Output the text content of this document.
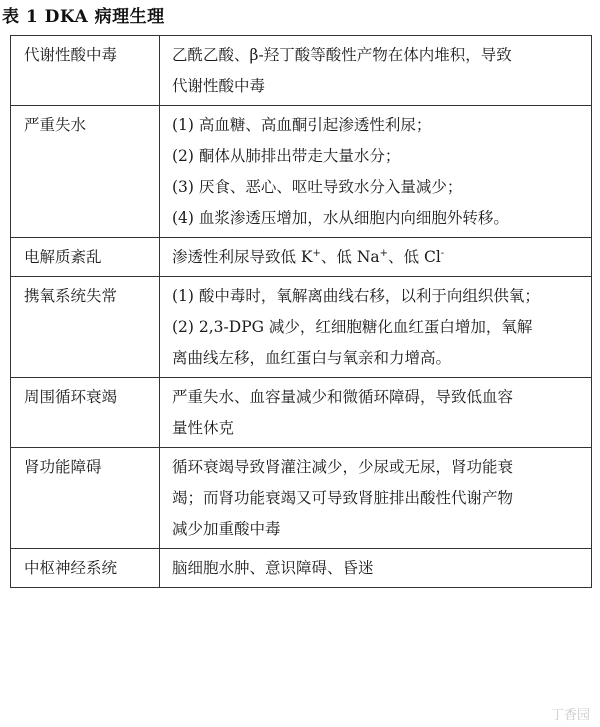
表 1 DKA 病理生理
代谢性酸中毒	乙酰乙酸、β-羟丁酸等酸性产物在体内堆积，导致
代谢性酸中毒

严重失水	(1) 高血糖、高血酮引起渗透性利尿；
(2) 酮体从肺排出带走大量水分；
(3) 厌食、恶心、呕吐导致水分入量减少；
(4) 血浆渗透压增加，水从细胞内向细胞外转移。

电解质紊乱	渗透性利尿导致低 K+、低 Na+、低 Cl-

携氧系统失常	(1) 酸中毒时，氧解离曲线右移，以利于向组织供氧；
(2) 2,3-DPG 减少，红细胞糖化血红蛋白增加，氧解
离曲线左移，血红蛋白与氧亲和力增高。

周围循环衰竭	严重失水、血容量减少和微循环障碍，导致低血容
量性休克

肾功能障碍	循环衰竭导致肾灌注减少，少尿或无尿，肾功能衰
竭；而肾功能衰竭又可导致肾脏排出酸性代谢产物
减少加重酸中毒

中枢神经系统	脑细胞水肿、意识障碍、昏迷
丁香园
